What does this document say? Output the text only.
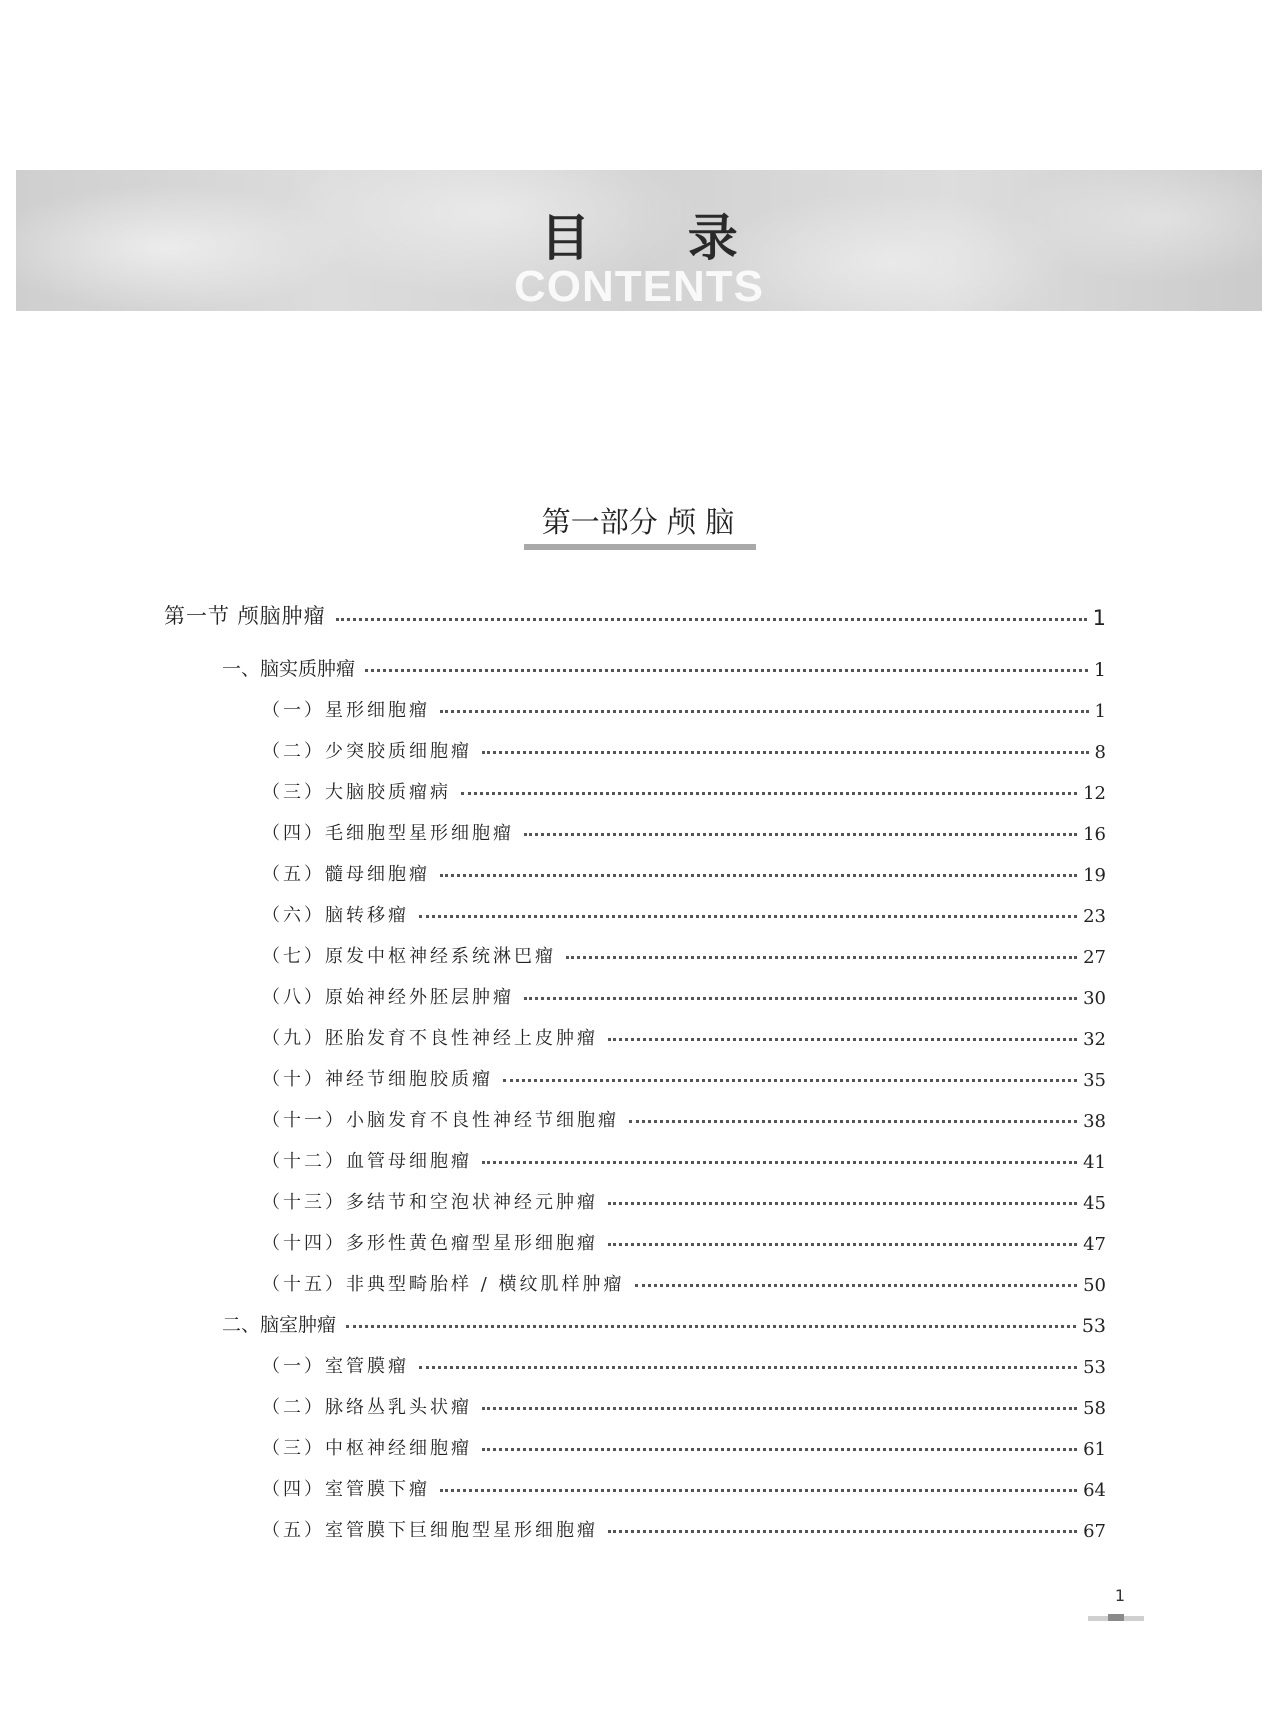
目 录
CONTENTS
第一部分 颅 脑
第一节 颅脑肿瘤	1
一、脑实质肿瘤	1
（一）星形细胞瘤	1
（二）少突胶质细胞瘤	8
（三）大脑胶质瘤病	12
（四）毛细胞型星形细胞瘤	16
（五）髓母细胞瘤	19
（六）脑转移瘤	23
（七）原发中枢神经系统淋巴瘤	27
（八）原始神经外胚层肿瘤	30
（九）胚胎发育不良性神经上皮肿瘤	32
（十）神经节细胞胶质瘤	35
（十一）小脑发育不良性神经节细胞瘤	38
（十二）血管母细胞瘤	41
（十三）多结节和空泡状神经元肿瘤	45
（十四）多形性黄色瘤型星形细胞瘤	47
（十五）非典型畸胎样 / 横纹肌样肿瘤	50
二、脑室肿瘤	53
（一）室管膜瘤	53
（二）脉络丛乳头状瘤	58
（三）中枢神经细胞瘤	61
（四）室管膜下瘤	64
（五）室管膜下巨细胞型星形细胞瘤	67
1
